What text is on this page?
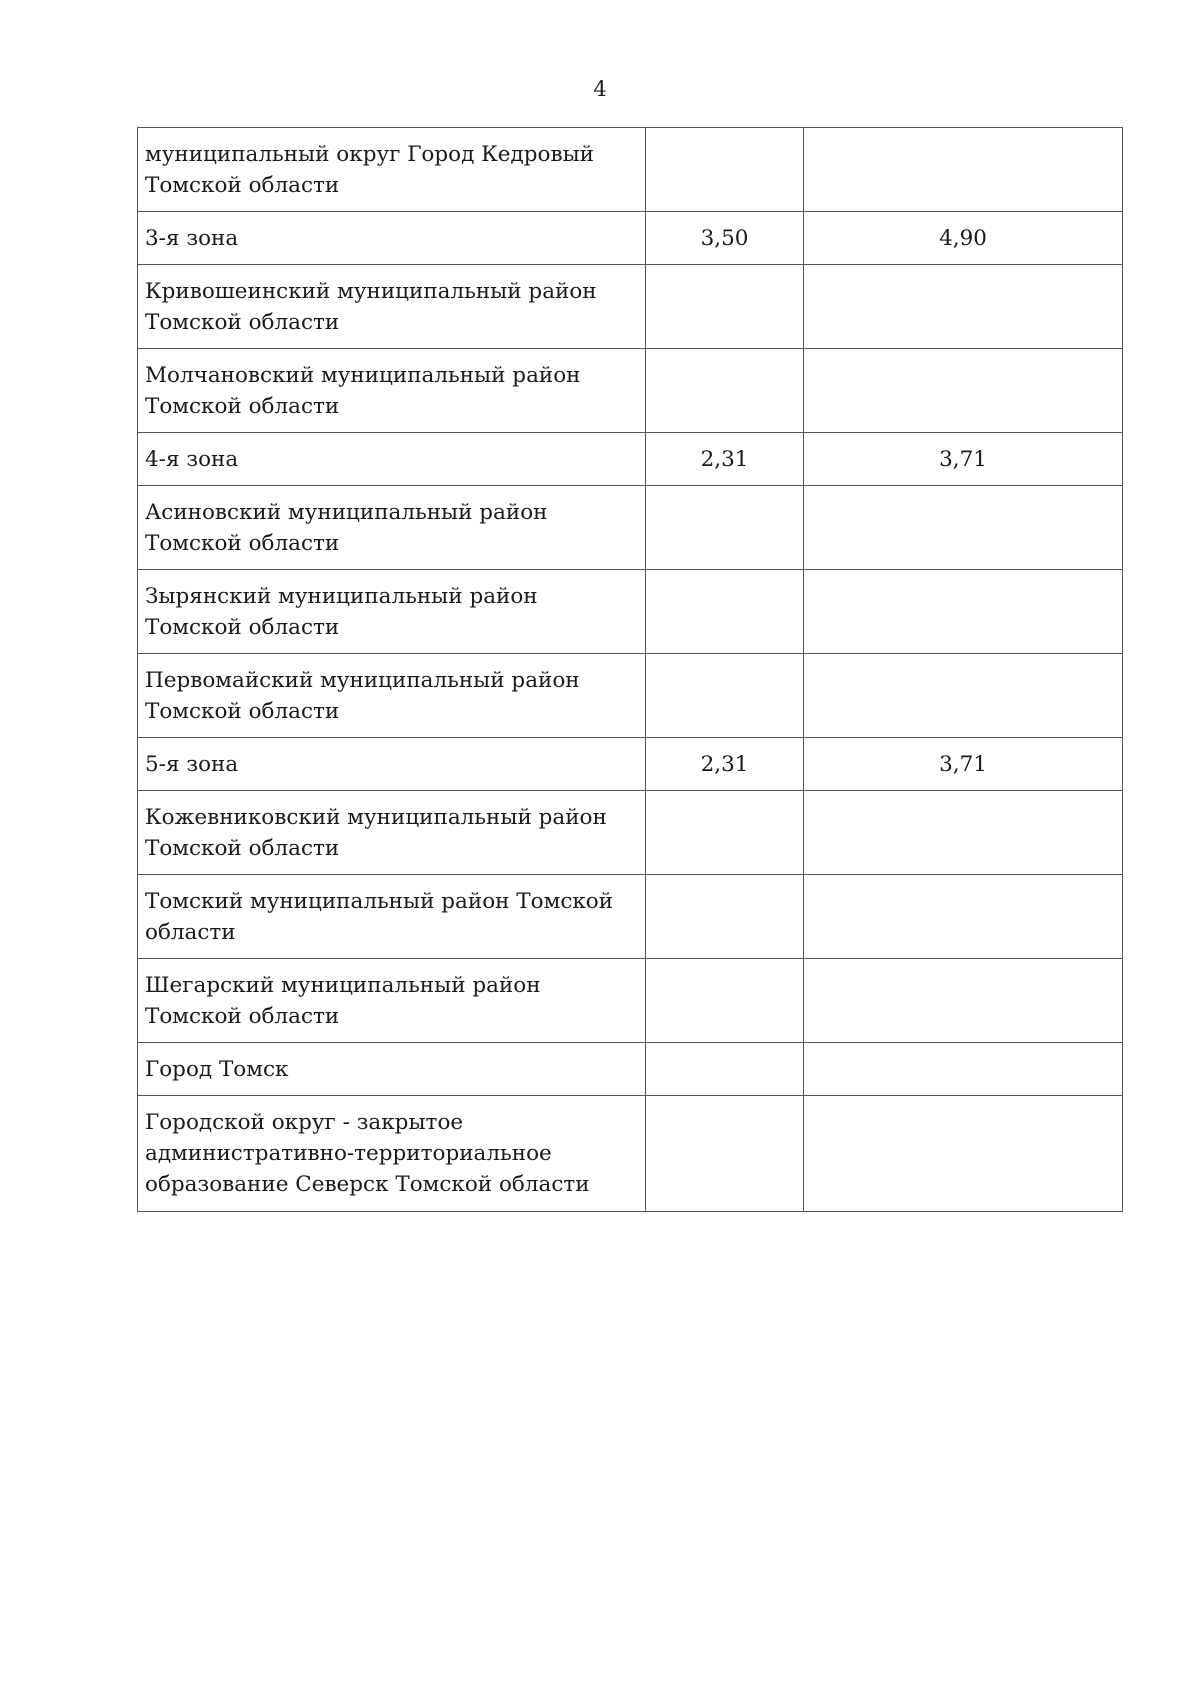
4
муниципальный округ Город Кедровый Томской области		
3-я зона	3,50	4,90
Кривошеинский муниципальный район Томской области		
Молчановский муниципальный район Томской области		
4-я зона	2,31	3,71
Асиновский муниципальный район Томской области		
Зырянский муниципальный район Томской области		
Первомайский муниципальный район Томской области		
5-я зона	2,31	3,71
Кожевниковский муниципальный район Томской области		
Томский муниципальный район Томской области		
Шегарский муниципальный район Томской области		
Город Томск		
Городской округ - закрытое административно-территориальное образование Северск Томской области		
